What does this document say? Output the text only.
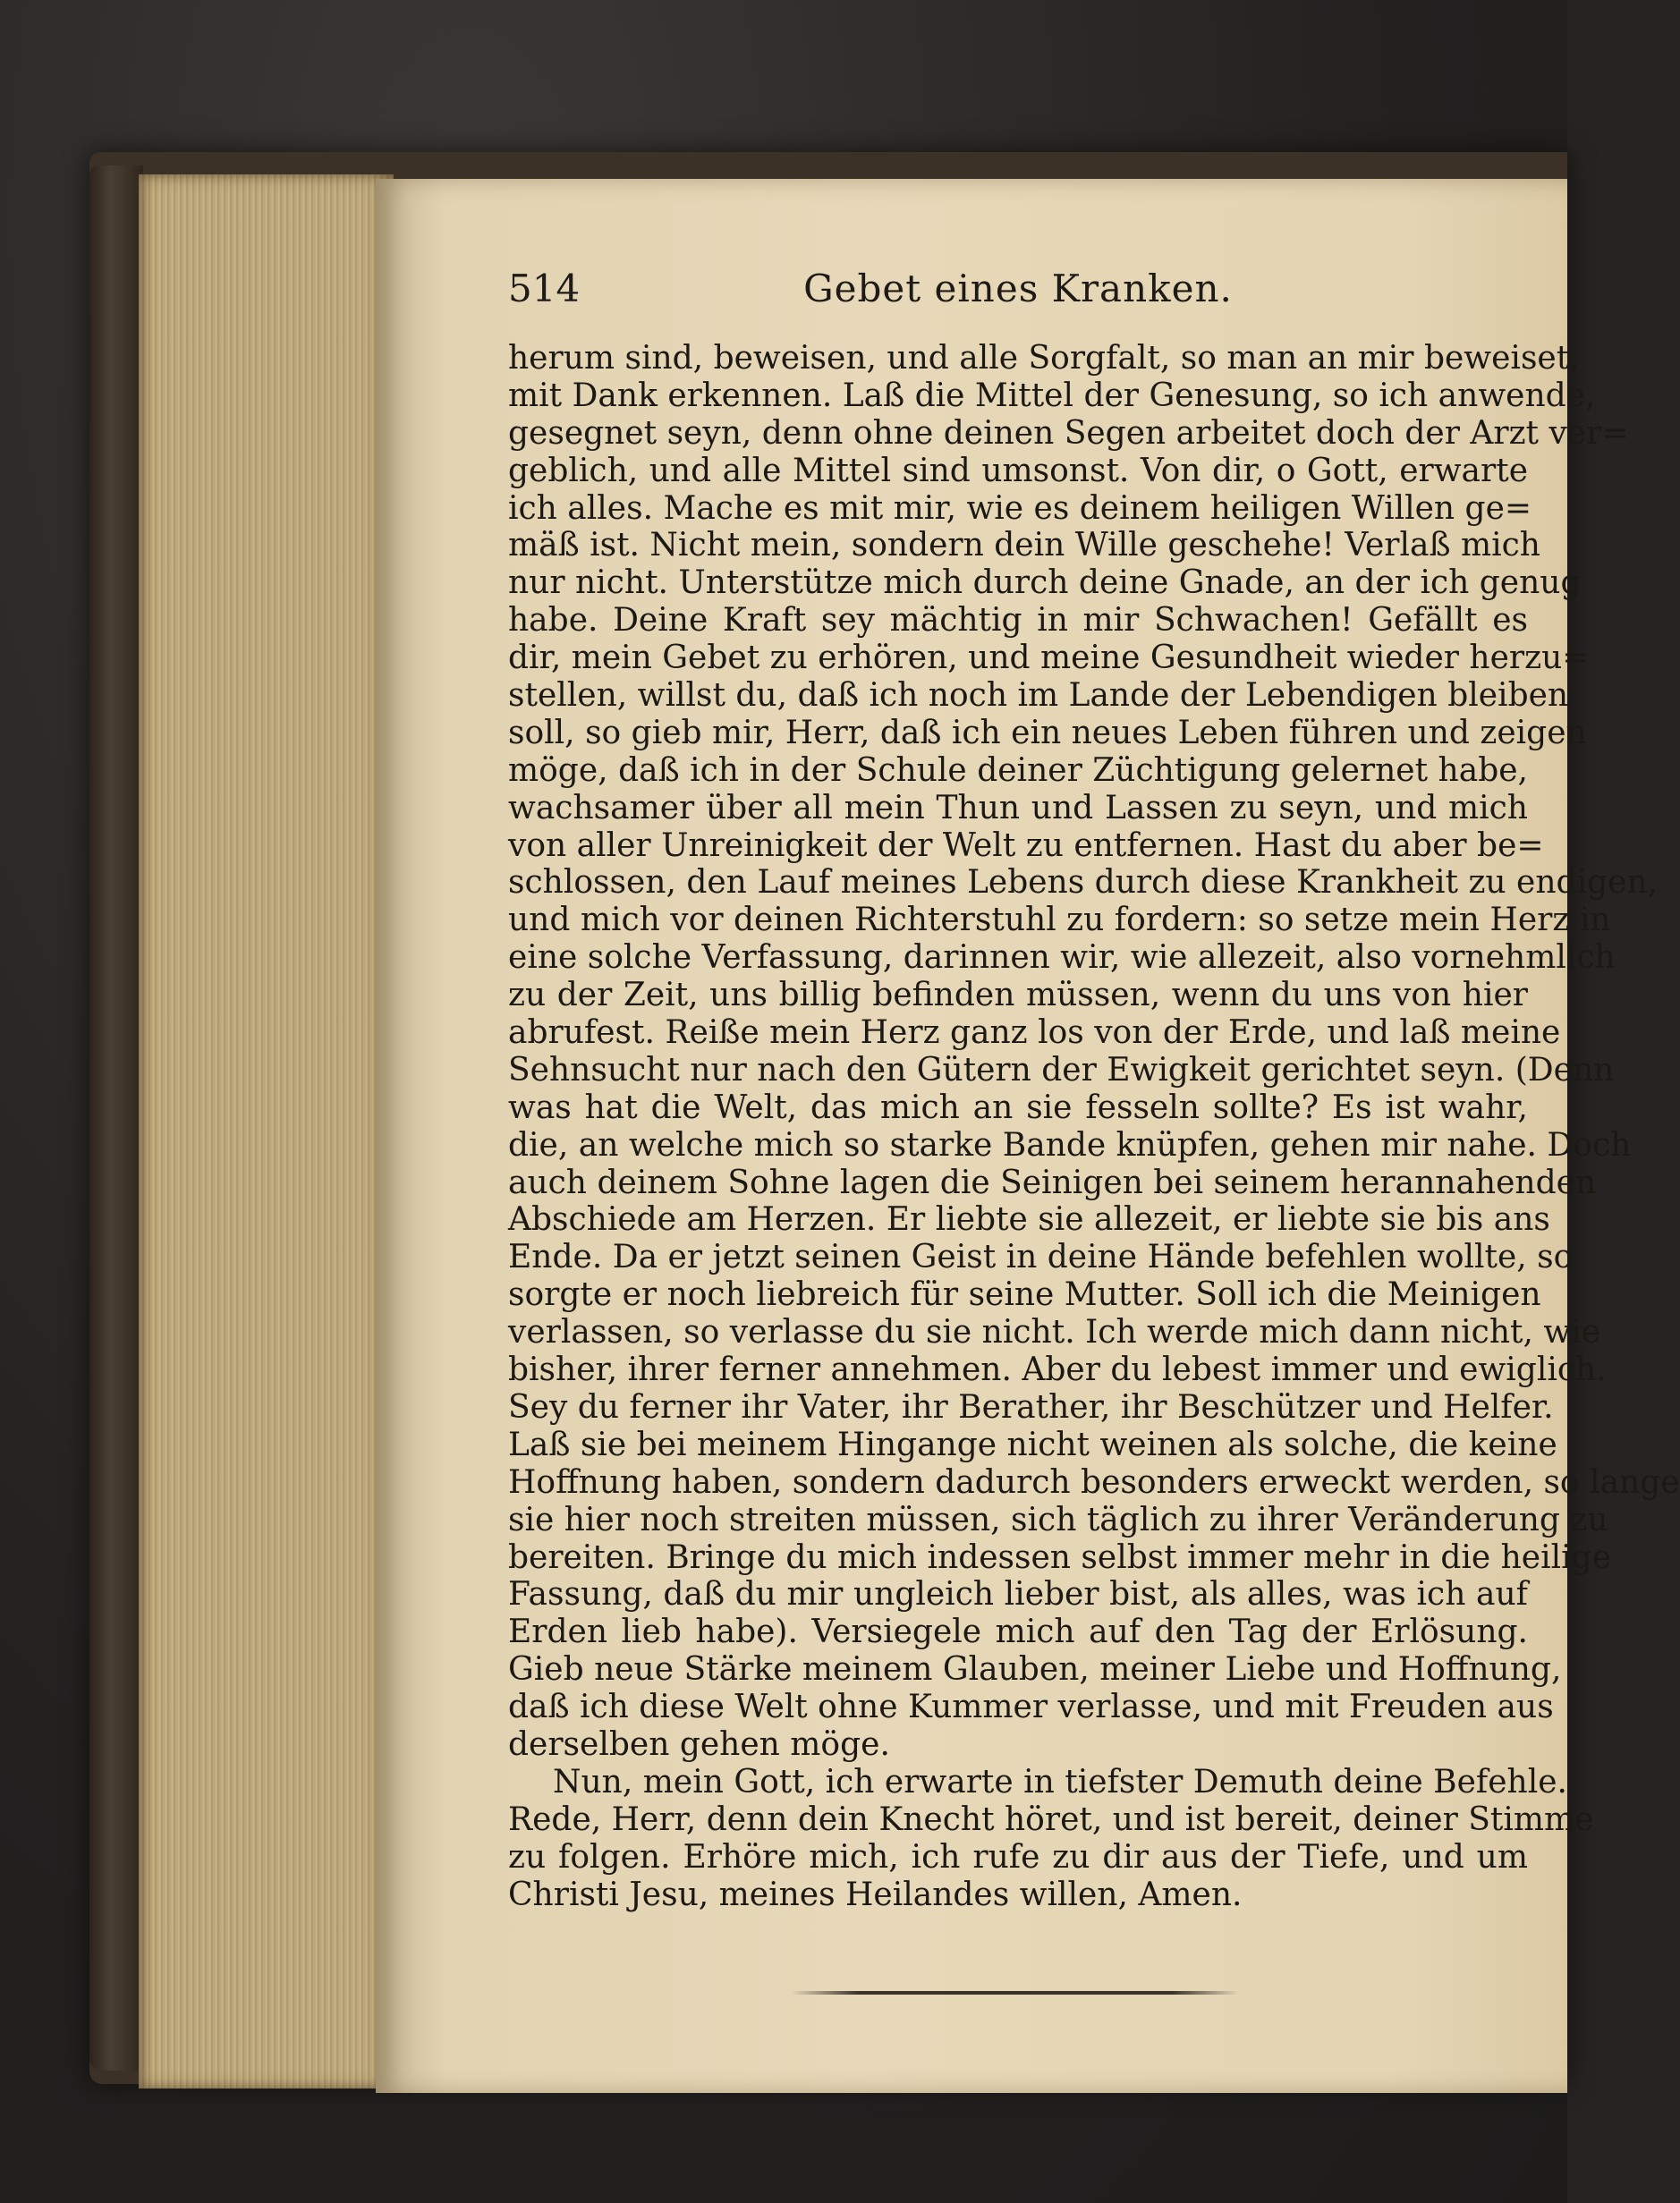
514	Gebet eines Kranken.
herum sind, beweisen, und alle Sorgfalt, so man an mir beweiset,
mit Dank erkennen. Laß die Mittel der Genesung, so ich anwende,
gesegnet seyn, denn ohne deinen Segen arbeitet doch der Arzt ver=
geblich, und alle Mittel sind umsonst. Von dir, o Gott, erwarte
ich alles. Mache es mit mir, wie es deinem heiligen Willen ge=
mäß ist. Nicht mein, sondern dein Wille geschehe! Verlaß mich
nur nicht. Unterstütze mich durch deine Gnade, an der ich genug
habe. Deine Kraft sey mächtig in mir Schwachen! Gefällt es
dir, mein Gebet zu erhören, und meine Gesundheit wieder herzu=
stellen, willst du, daß ich noch im Lande der Lebendigen bleiben
soll, so gieb mir, Herr, daß ich ein neues Leben führen und zeigen
möge, daß ich in der Schule deiner Züchtigung gelernet habe,
wachsamer über all mein Thun und Lassen zu seyn, und mich
von aller Unreinigkeit der Welt zu entfernen. Hast du aber be=
schlossen, den Lauf meines Lebens durch diese Krankheit zu endigen,
und mich vor deinen Richterstuhl zu fordern: so setze mein Herz in
eine solche Verfassung, darinnen wir, wie allezeit, also vornehmlich
zu der Zeit, uns billig befinden müssen, wenn du uns von hier
abrufest. Reiße mein Herz ganz los von der Erde, und laß meine
Sehnsucht nur nach den Gütern der Ewigkeit gerichtet seyn. (Denn
was hat die Welt, das mich an sie fesseln sollte? Es ist wahr,
die, an welche mich so starke Bande knüpfen, gehen mir nahe. Doch
auch deinem Sohne lagen die Seinigen bei seinem herannahenden
Abschiede am Herzen. Er liebte sie allezeit, er liebte sie bis ans
Ende. Da er jetzt seinen Geist in deine Hände befehlen wollte, so
sorgte er noch liebreich für seine Mutter. Soll ich die Meinigen
verlassen, so verlasse du sie nicht. Ich werde mich dann nicht, wie
bisher, ihrer ferner annehmen. Aber du lebest immer und ewiglich.
Sey du ferner ihr Vater, ihr Berather, ihr Beschützer und Helfer.
Laß sie bei meinem Hingange nicht weinen als solche, die keine
Hoffnung haben, sondern dadurch besonders erweckt werden, so lange
sie hier noch streiten müssen, sich täglich zu ihrer Veränderung zu
bereiten. Bringe du mich indessen selbst immer mehr in die heilige
Fassung, daß du mir ungleich lieber bist, als alles, was ich auf
Erden lieb habe). Versiegele mich auf den Tag der Erlösung.
Gieb neue Stärke meinem Glauben, meiner Liebe und Hoffnung,
daß ich diese Welt ohne Kummer verlasse, und mit Freuden aus
derselben gehen möge.
Nun, mein Gott, ich erwarte in tiefster Demuth deine Befehle.
Rede, Herr, denn dein Knecht höret, und ist bereit, deiner Stimme
zu folgen. Erhöre mich, ich rufe zu dir aus der Tiefe, und um
Christi Jesu, meines Heilandes willen, Amen.
